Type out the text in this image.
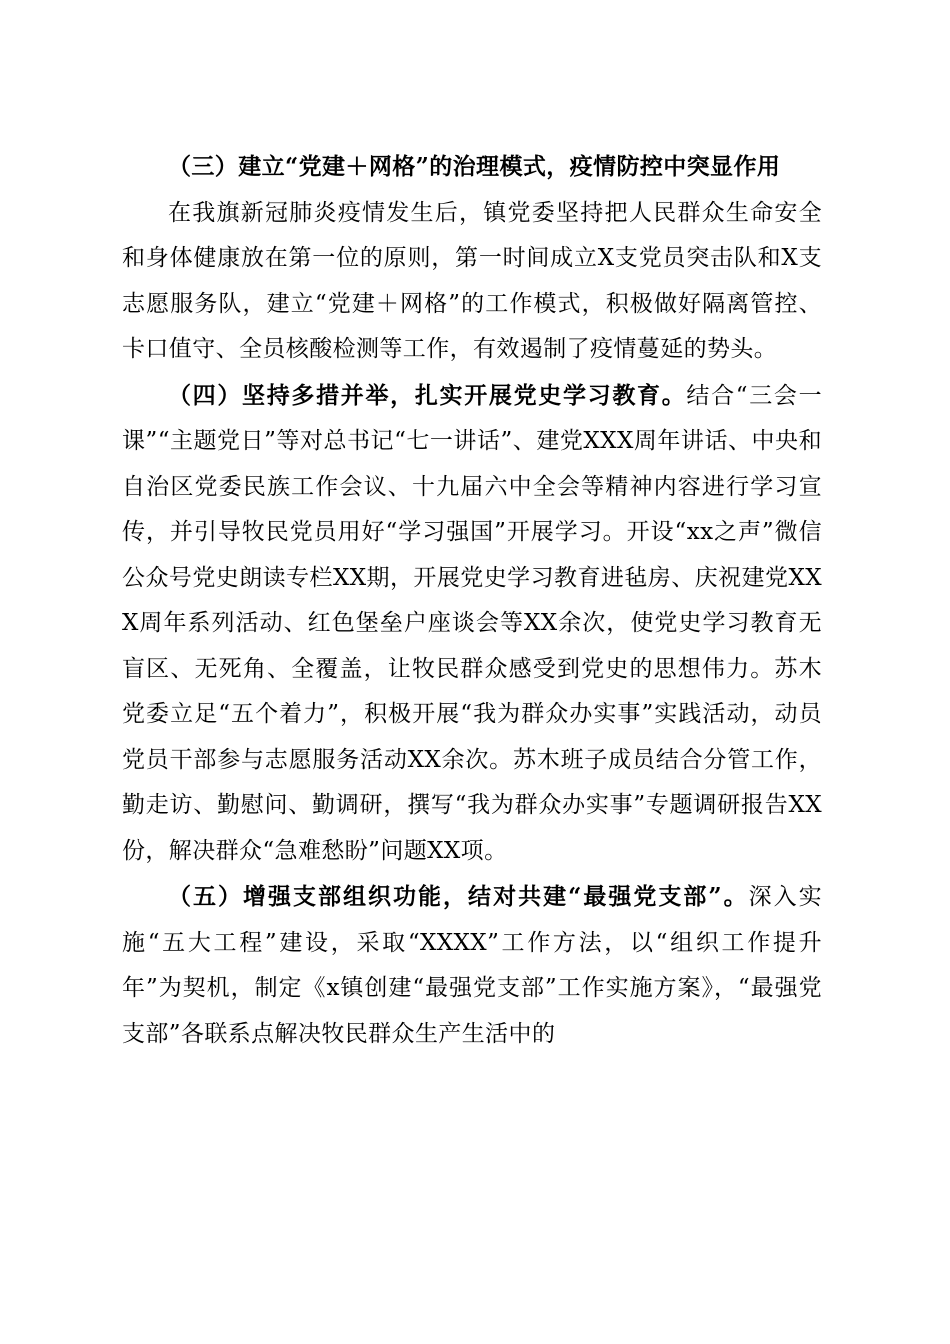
（三）建立“党建＋网格”的治理模式，疫情防控中突显作用

在我旗新冠肺炎疫情发生后，镇党委坚持把人民群众生命安全和身体健康放在第一位的原则，第一时间成立X支党员突击队和X支志愿服务队，建立“党建＋网格”的工作模式，积极做好隔离管控、卡口值守、全员核酸检测等工作，有效遏制了疫情蔓延的势头。

（四）坚持多措并举，扎实开展党史学习教育。结合“三会一课”“主题党日”等对总书记“七一讲话”、建党XXX周年讲话、中央和自治区党委民族工作会议、十九届六中全会等精神内容进行学习宣传，并引导牧民党员用好“学习强国”开展学习。开设“xx之声”微信公众号党史朗读专栏XX期，开展党史学习教育进毡房、庆祝建党XXX周年系列活动、红色堡垒户座谈会等XX余次，使党史学习教育无盲区、无死角、全覆盖，让牧民群众感受到党史的思想伟力。苏木党委立足“五个着力”，积极开展“我为群众办实事”实践活动，动员党员干部参与志愿服务活动XX余次。苏木班子成员结合分管工作，勤走访、勤慰问、勤调研，撰写“我为群众办实事”专题调研报告XX份，解决群众“急难愁盼”问题XX项。

（五）增强支部组织功能，结对共建“最强党支部”。深入实施“五大工程”建设，采取“XXXX”工作方法，以“组织工作提升年”为契机，制定《x镇创建“最强党支部”工作实施方案》，“最强党支部”各联系点解决牧民群众生产生活中的
